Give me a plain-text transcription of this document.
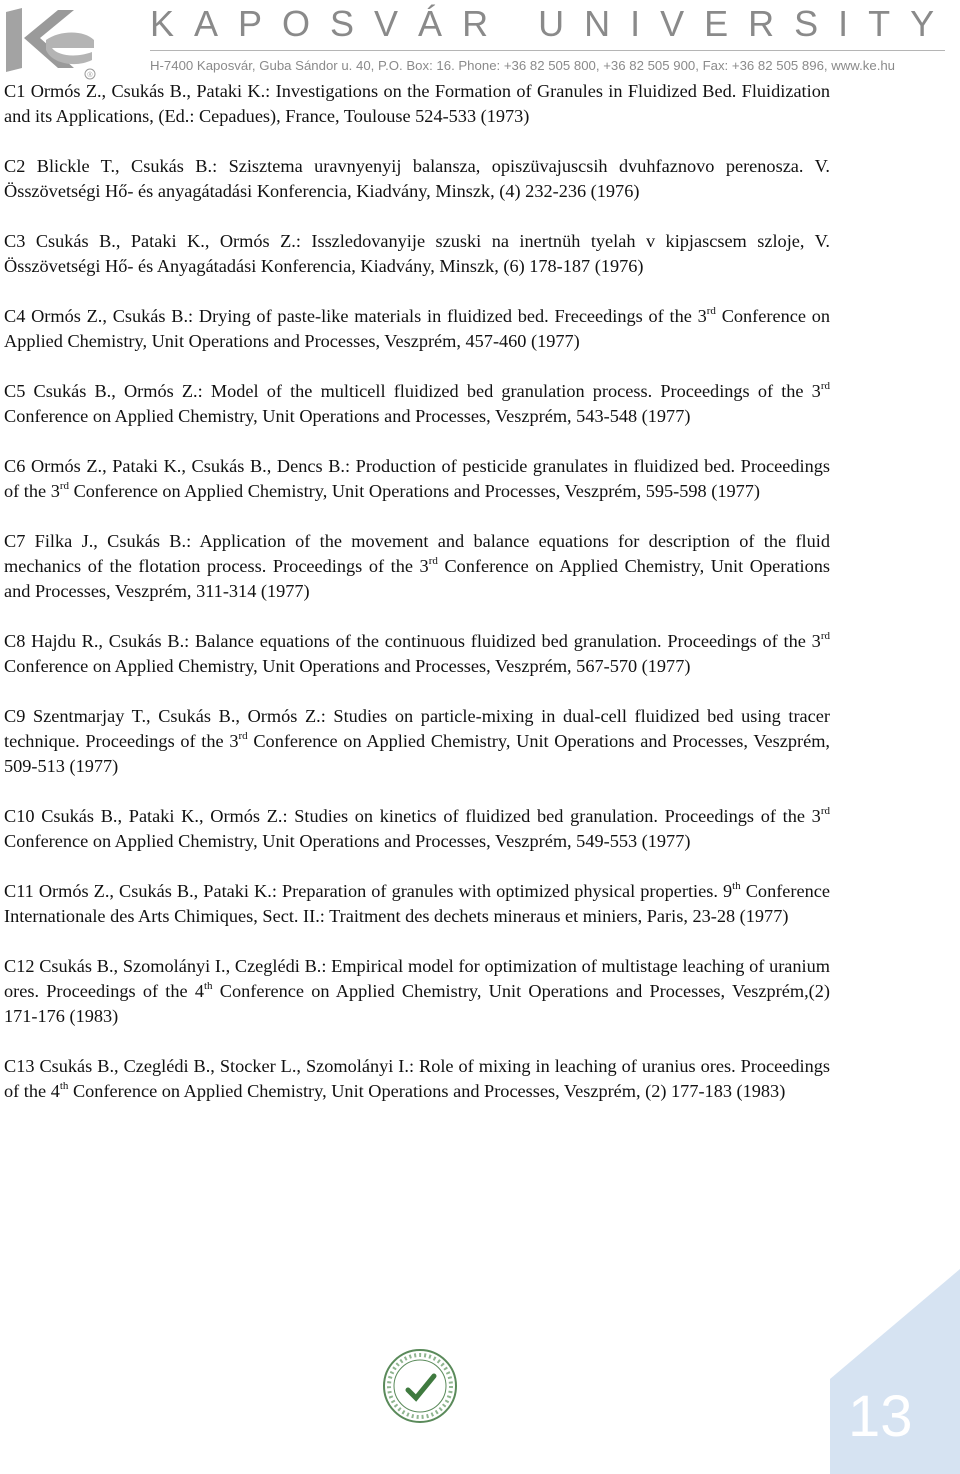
®
KAPOSVÁR UNIVERSITY
H-7400 Kaposvár, Guba Sándor u. 40, P.O. Box: 16. Phone: +36 82 505 800, +36 82 505 900, Fax: +36 82 505 896, www.ke.hu

C1 Ormós Z., Csukás B., Pataki K.: Investigations on the Formation of Granules in Fluidized Bed. Fluidization and its Applications, (Ed.: Cepadues), France, Toulouse 524-533 (1973)

C2 Blickle T., Csukás B.: Szisztema uravnyenyij balansza, opiszüvajuscsih dvuhfaznovo perenosza. V. Összövetségi Hő- és anyagátadási Konferencia, Kiadvány, Minszk, (4) 232-236 (1976)

C3 Csukás B., Pataki K., Ormós Z.: Isszledovanyije szuski na inertnüh tyelah v kipjascsem szloje, V. Összövetségi Hő- és Anyagátadási Konferencia, Kiadvány, Minszk, (6) 178-187 (1976)

C4 Ormós Z., Csukás B.: Drying of paste-like materials in fluidized bed. Freceedings of the 3rd Conference on Applied Chemistry, Unit Operations and Processes, Veszprém, 457-460 (1977)

C5 Csukás B., Ormós Z.: Model of the multicell fluidized bed granulation process. Proceedings of the 3rd Conference on Applied Chemistry, Unit Operations and Processes, Veszprém, 543-548 (1977)

C6 Ormós Z., Pataki K., Csukás B., Dencs B.: Production of pesticide granulates in fluidized bed. Proceedings of the 3rd Conference on Applied Chemistry, Unit Operations and Processes, Veszprém, 595-598 (1977)

C7 Filka J., Csukás B.: Application of the movement and balance equations for description of the fluid mechanics of the flotation process. Proceedings of the 3rd Conference on Applied Chemistry, Unit Operations and Processes, Veszprém, 311-314 (1977)

C8 Hajdu R., Csukás B.: Balance equations of the continuous fluidized bed granulation. Proceedings of the 3rd Conference on Applied Chemistry, Unit Operations and Processes, Veszprém, 567-570 (1977)

C9 Szentmarjay T., Csukás B., Ormós Z.: Studies on particle-mixing in dual-cell fluidized bed using tracer technique. Proceedings of the 3rd Conference on Applied Chemistry, Unit Operations and Processes, Veszprém, 509-513 (1977)

C10 Csukás B., Pataki K., Ormós Z.: Studies on kinetics of fluidized bed granulation. Proceedings of the 3rd Conference on Applied Chemistry, Unit Operations and Processes, Veszprém, 549-553 (1977)

C11 Ormós Z., Csukás B., Pataki K.: Preparation of granules with optimized physical properties. 9th Conference Internationale des Arts Chimiques, Sect. II.: Traitment des dechets mineraus et miniers, Paris, 23-28 (1977)

C12 Csukás B., Szomolányi I., Czeglédi B.: Empirical model for optimization of multistage leaching of uranium ores. Proceedings of the 4th Conference on Applied Chemistry, Unit Operations and Processes, Veszprém,(2) 171-176 (1983)

C13 Csukás B., Czeglédi B., Stocker L., Szomolányi I.: Role of mixing in leaching of uranius ores. Proceedings of the 4th Conference on Applied Chemistry, Unit Operations and Processes, Veszprém, (2) 177-183 (1983)

13
